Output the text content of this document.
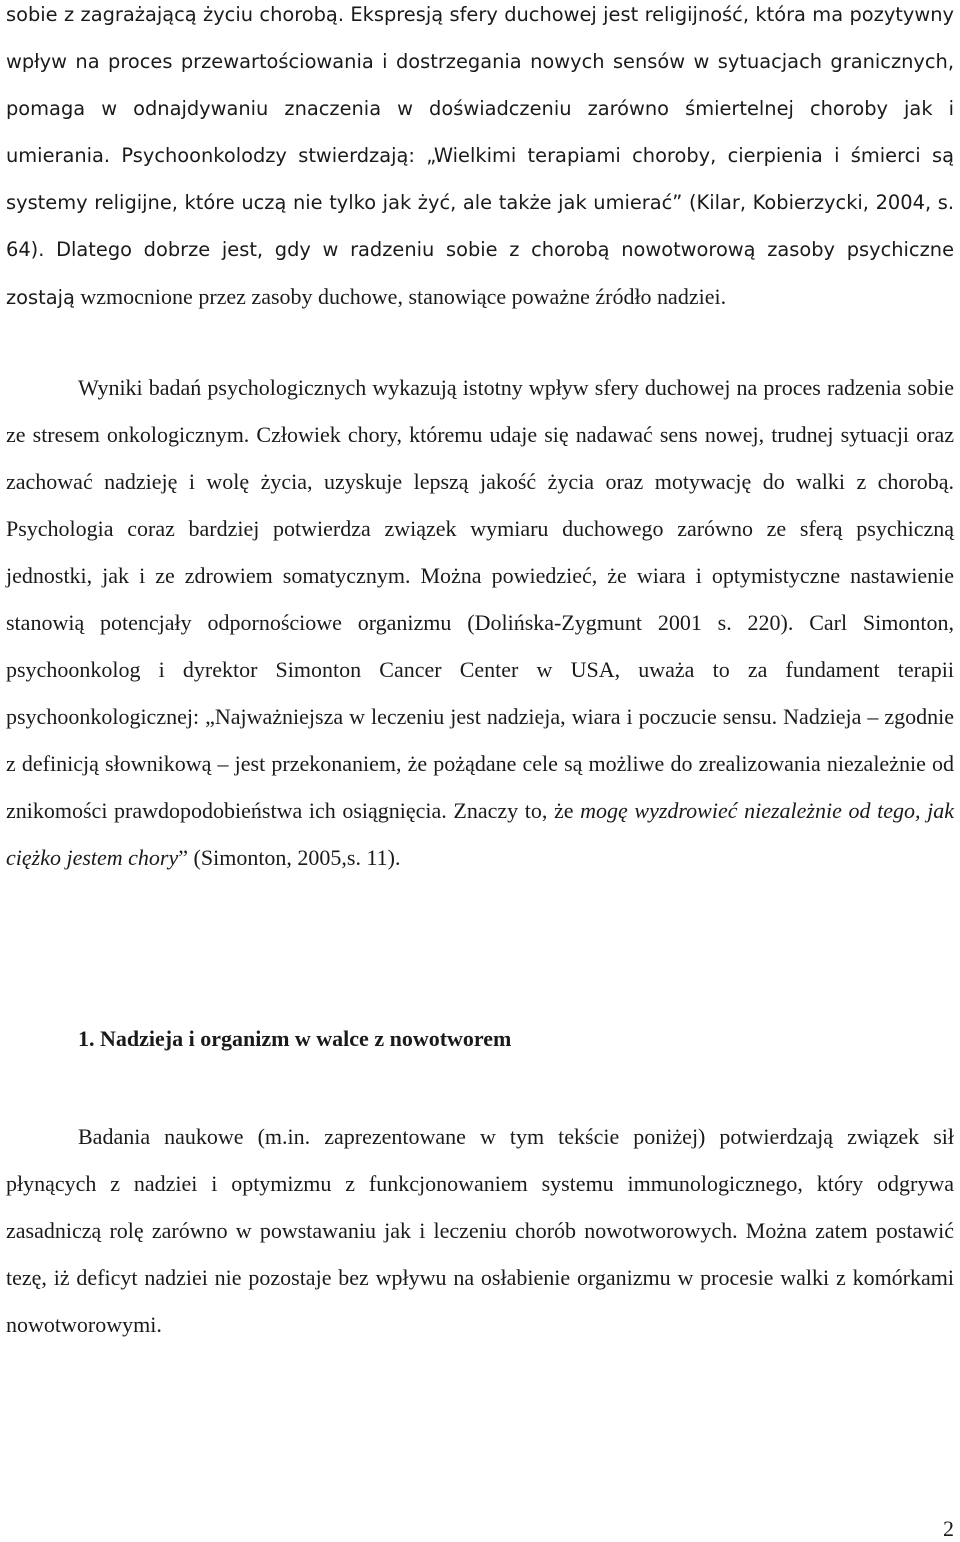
sobie z zagrażającą życiu chorobą. Ekspresją sfery duchowej jest religijność, która ma pozytywny wpływ na proces przewartościowania i dostrzegania nowych sensów w sytuacjach granicznych, pomaga w odnajdywaniu znaczenia w doświadczeniu zarówno śmiertelnej choroby jak i umierania. Psychoonkolodzy stwierdzają: „Wielkimi terapiami choroby, cierpienia i śmierci są systemy religijne, które uczą nie tylko jak żyć, ale także jak umierać” (Kilar, Kobierzycki, 2004, s. 64). Dlatego dobrze jest, gdy w radzeniu sobie z chorobą nowotworową zasoby psychiczne zostają wzmocnione przez zasoby duchowe, stanowiące poważne źródło nadziei.

Wyniki badań psychologicznych wykazują istotny wpływ sfery duchowej na proces radzenia sobie ze stresem onkologicznym. Człowiek chory, któremu udaje się nadawać sens nowej, trudnej sytuacji oraz zachować nadzieję i wolę życia, uzyskuje lepszą jakość życia oraz motywację do walki z chorobą. Psychologia coraz bardziej potwierdza związek wymiaru duchowego zarówno ze sferą psychiczną jednostki, jak i ze zdrowiem somatycznym. Można powiedzieć, że wiara i optymistyczne nastawienie stanowią potencjały odpornościowe organizmu (Dolińska-Zygmunt 2001 s. 220). Carl Simonton, psychoonkolog i dyrektor Simonton Cancer Center w USA, uważa to za fundament terapii psychoonkologicznej: „Najważniejsza w leczeniu jest nadzieja, wiara i poczucie sensu. Nadzieja – zgodnie z definicją słownikową – jest przekonaniem, że pożądane cele są możliwe do zrealizowania niezależnie od znikomości prawdopodobieństwa ich osiągnięcia. Znaczy to, że mogę wyzdrowieć niezależnie od tego, jak ciężko jestem chory” (Simonton, 2005,s. 11).

1. Nadzieja i organizm w walce z nowotworem

Badania naukowe (m.in. zaprezentowane w tym tekście poniżej) potwierdzają związek sił płynących z nadziei i optymizmu z funkcjonowaniem systemu immunologicznego, który odgrywa zasadniczą rolę zarówno w powstawaniu jak i leczeniu chorób nowotworowych. Można zatem postawić tezę, iż deficyt nadziei nie pozostaje bez wpływu na osłabienie organizmu w procesie walki z komórkami nowotworowymi.

2
